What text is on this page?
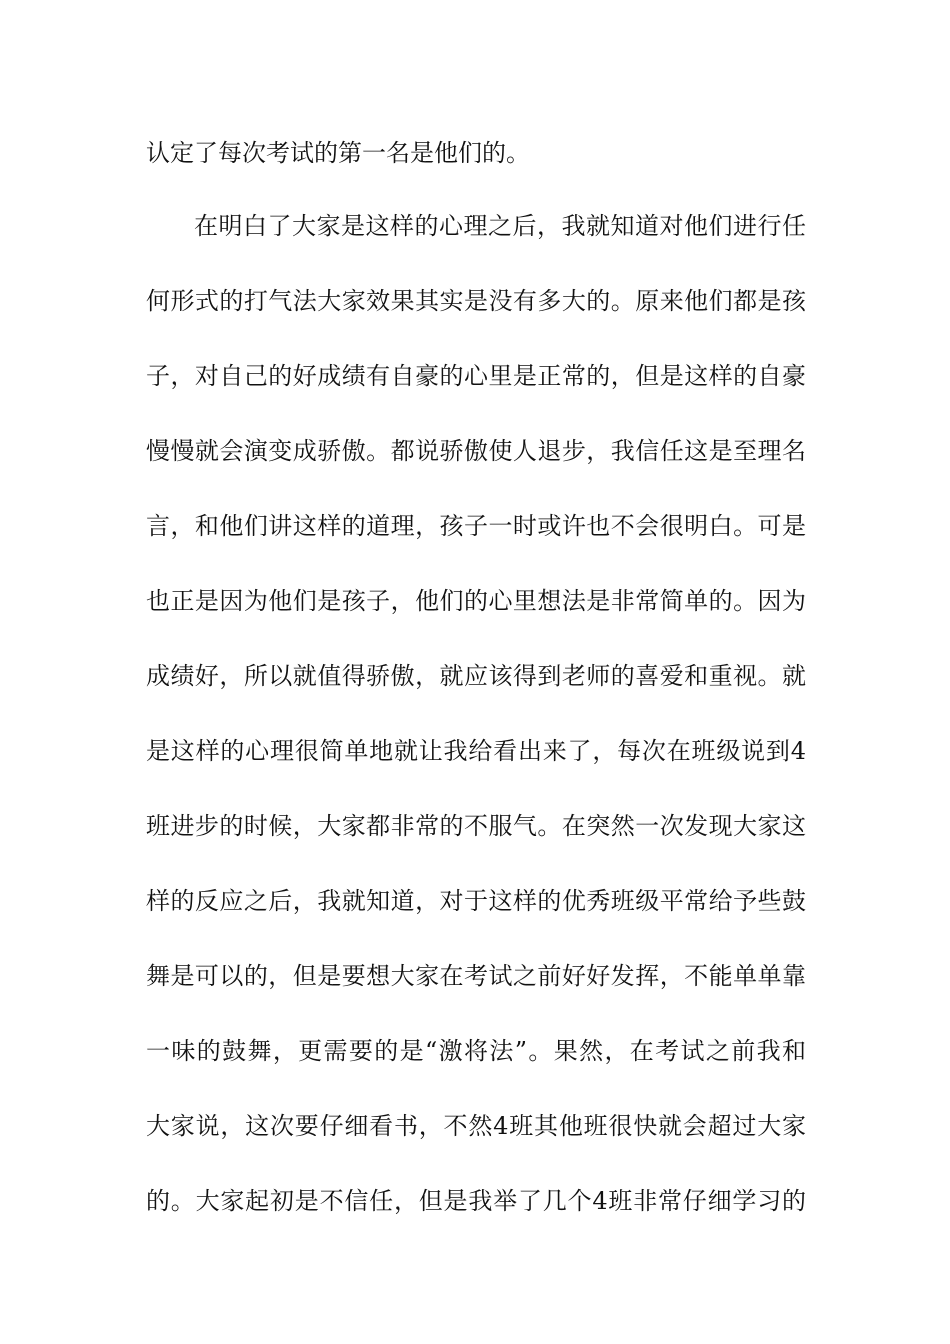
认定了每次考试的第一名是他们的。
在明白了大家是这样的心理之后，我就知道对他们进行任
何形式的打气法大家效果其实是没有多大的。原来他们都是孩
子，对自己的好成绩有自豪的心里是正常的，但是这样的自豪
慢慢就会演变成骄傲。都说骄傲使人退步，我信任这是至理名
言，和他们讲这样的道理，孩子一时或许也不会很明白。可是
也正是因为他们是孩子，他们的心里想法是非常简单的。因为
成绩好，所以就值得骄傲，就应该得到老师的喜爱和重视。就
是这样的心理很简单地就让我给看出来了，每次在班级说到4
班进步的时候，大家都非常的不服气。在突然一次发现大家这
样的反应之后，我就知道，对于这样的优秀班级平常给予些鼓
舞是可以的，但是要想大家在考试之前好好发挥，不能单单靠
一味的鼓舞，更需要的是“激将法”。果然，在考试之前我和
大家说，这次要仔细看书，不然4班其他班很快就会超过大家
的。大家起初是不信任，但是我举了几个4班非常仔细学习的
